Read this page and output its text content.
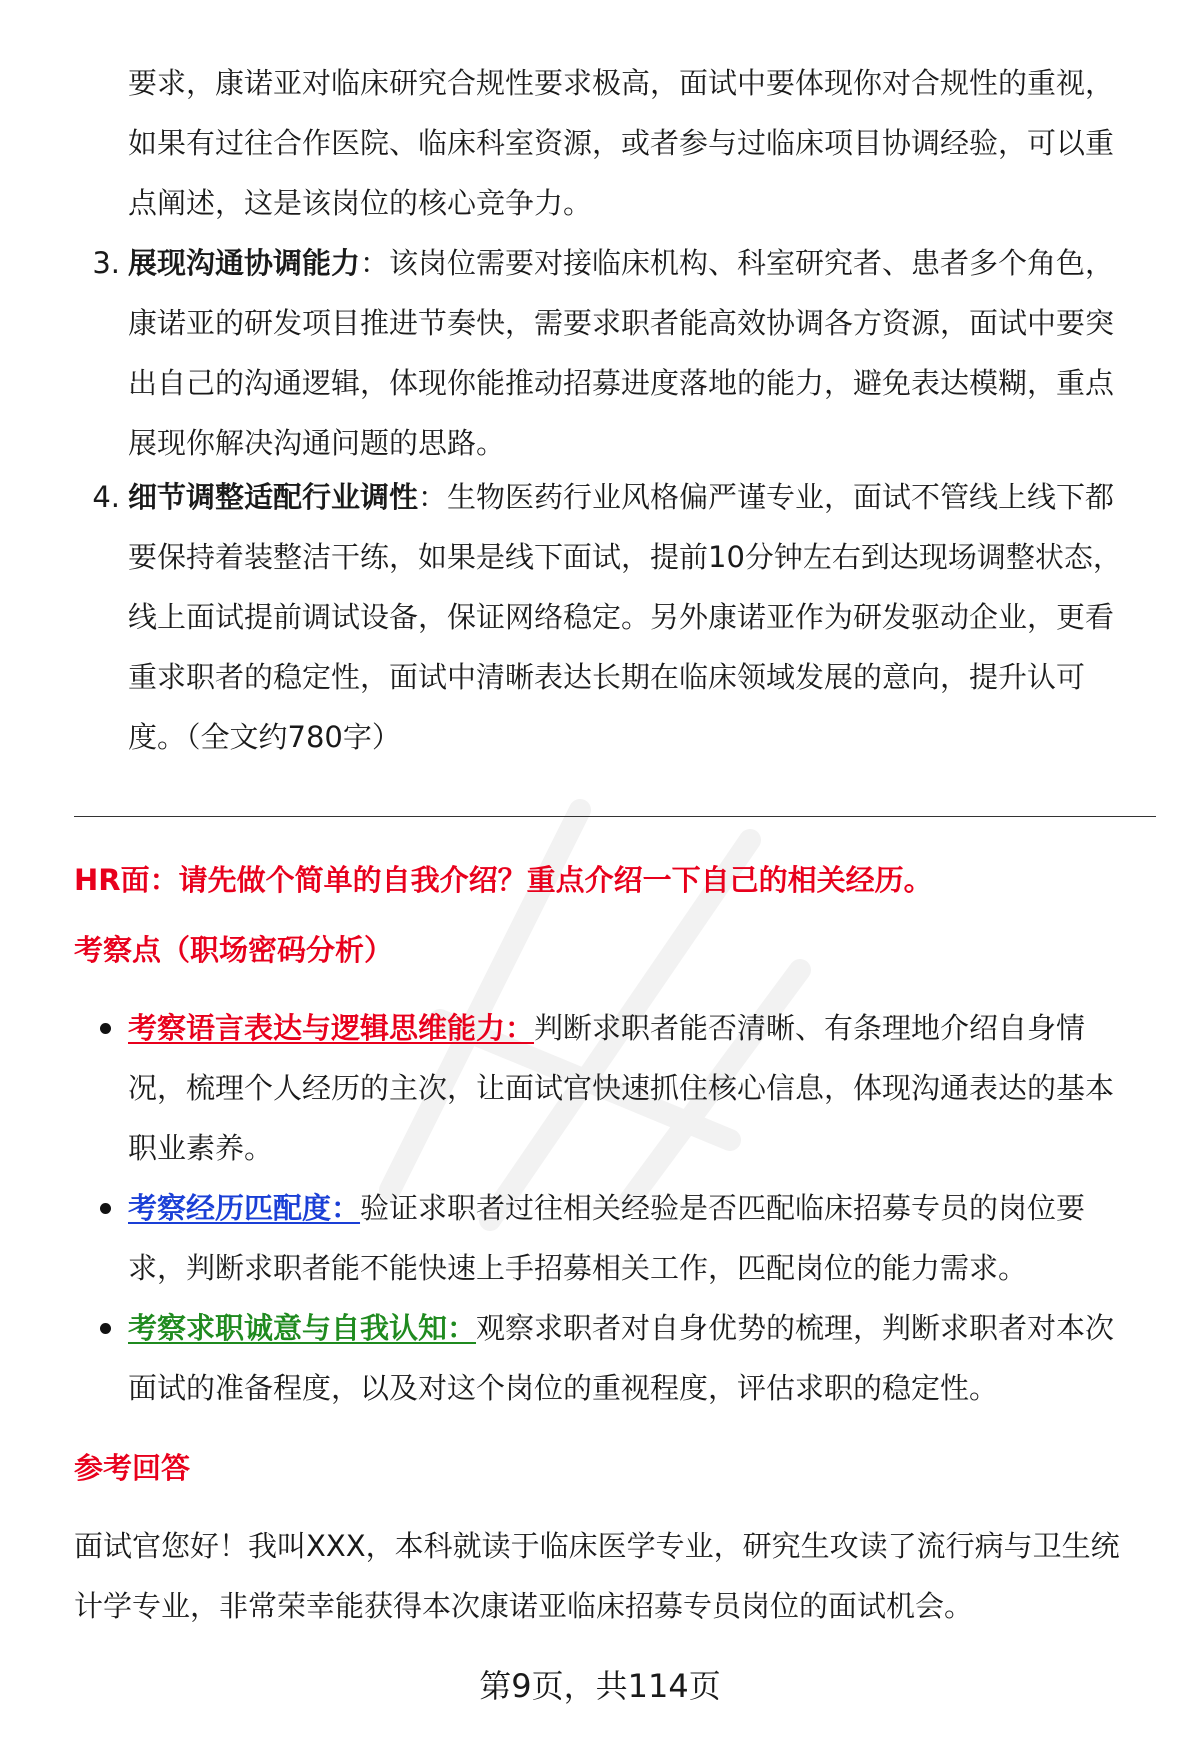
要求，康诺亚对临床研究合规性要求极高，面试中要体现你对合规性的重视，
如果有过往合作医院、临床科室资源，或者参与过临床项目协调经验，可以重
点阐述，这是该岗位的核心竞争力。
3. 展现沟通协调能力：该岗位需要对接临床机构、科室研究者、患者多个角色，
康诺亚的研发项目推进节奏快，需要求职者能高效协调各方资源，面试中要突
出自己的沟通逻辑，体现你能推动招募进度落地的能力，避免表达模糊，重点
展现你解决沟通问题的思路。
4. 细节调整适配行业调性：生物医药行业风格偏严谨专业，面试不管线上线下都
要保持着装整洁干练，如果是线下面试，提前10分钟左右到达现场调整状态，
线上面试提前调试设备，保证网络稳定。另外康诺亚作为研发驱动企业，更看
重求职者的稳定性，面试中清晰表达长期在临床领域发展的意向，提升认可
度。（全文约780字）
HR面：请先做个简单的自我介绍？重点介绍一下自己的相关经历。
考察点（职场密码分析）
考察语言表达与逻辑思维能力：判断求职者能否清晰、有条理地介绍自身情
况，梳理个人经历的主次，让面试官快速抓住核心信息，体现沟通表达的基本
职业素养。
考察经历匹配度：验证求职者过往相关经验是否匹配临床招募专员的岗位要
求，判断求职者能不能快速上手招募相关工作，匹配岗位的能力需求。
考察求职诚意与自我认知：观察求职者对自身优势的梳理，判断求职者对本次
面试的准备程度，以及对这个岗位的重视程度，评估求职的稳定性。
参考回答
面试官您好！我叫XXX，本科就读于临床医学专业，研究生攻读了流行病与卫生统
计学专业，非常荣幸能获得本次康诺亚临床招募专员岗位的面试机会。
第9页，共114页
